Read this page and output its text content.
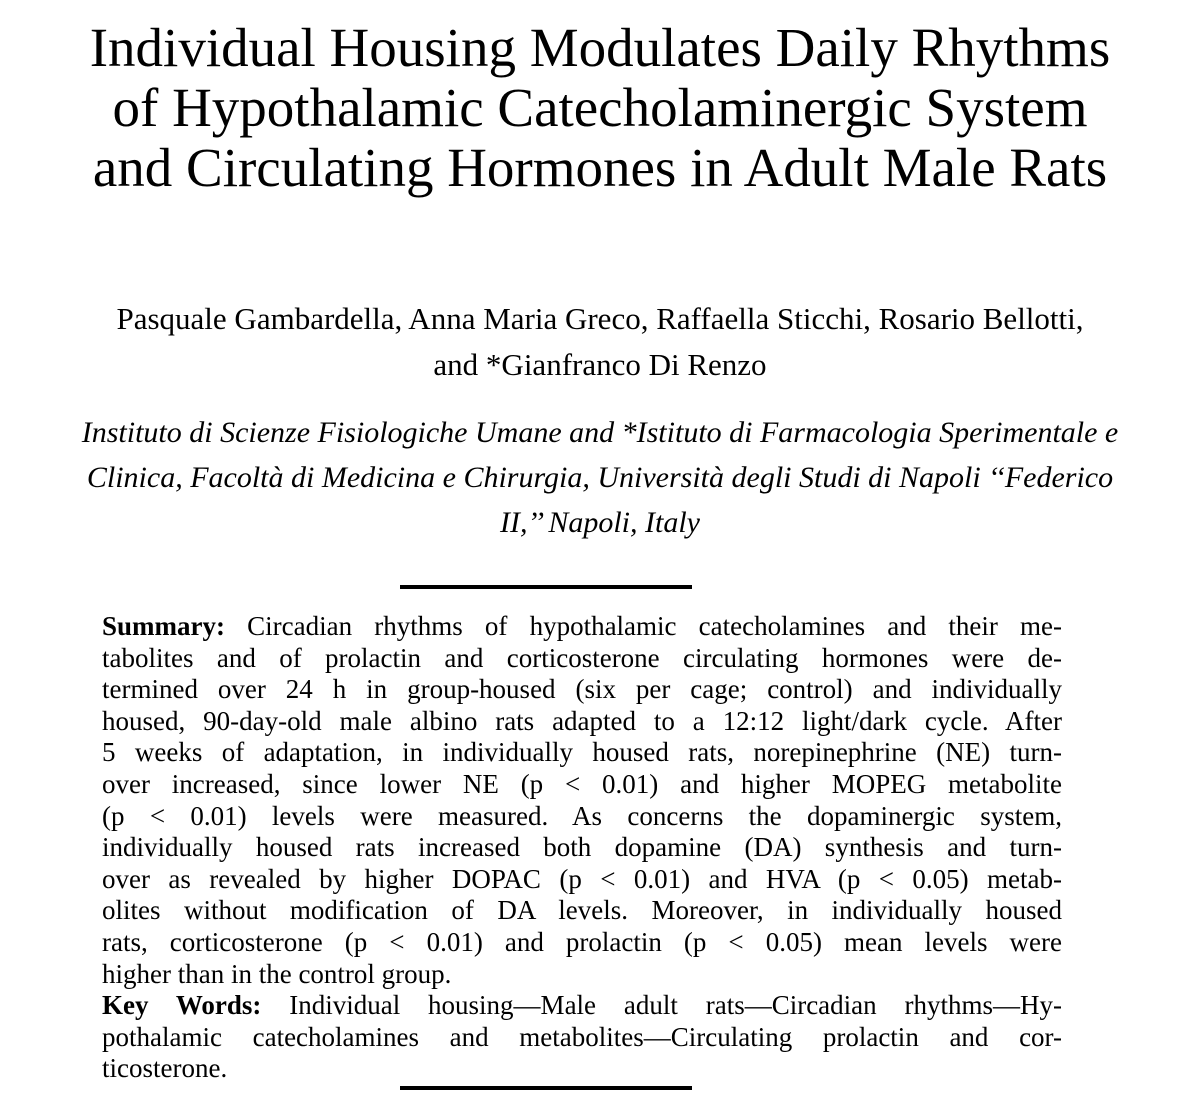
Individual Housing Modulates Daily Rhythms
of Hypothalamic Catecholaminergic System
and Circulating Hormones in Adult Male Rats
Pasquale Gambardella, Anna Maria Greco, Raffaella Sticchi, Rosario Bellotti,
and *Gianfranco Di Renzo
Instituto di Scienze Fisiologiche Umane and *Istituto di Farmacologia Sperimentale e
Clinica, Facoltà di Medicina e Chirurgia, Università degli Studi di Napoli ‘‘Federico
II,’’ Napoli, Italy
Summary: Circadian rhythms of hypothalamic catecholamines and their me-
tabolites and of prolactin and corticosterone circulating hormones were de-
termined over 24 h in group-housed (six per cage; control) and individually
housed, 90-day-old male albino rats adapted to a 12:12 light/dark cycle. After
5 weeks of adaptation, in individually housed rats, norepinephrine (NE) turn-
over increased, since lower NE (p < 0.01) and higher MOPEG metabolite
(p < 0.01) levels were measured. As concerns the dopaminergic system,
individually housed rats increased both dopamine (DA) synthesis and turn-
over as revealed by higher DOPAC (p < 0.01) and HVA (p < 0.05) metab-
olites without modification of DA levels. Moreover, in individually housed
rats, corticosterone (p < 0.01) and prolactin (p < 0.05) mean levels were
higher than in the control group.
Key Words: Individual housing—Male adult rats—Circadian rhythms—Hy-
pothalamic catecholamines and metabolites—Circulating prolactin and cor-
ticosterone.
